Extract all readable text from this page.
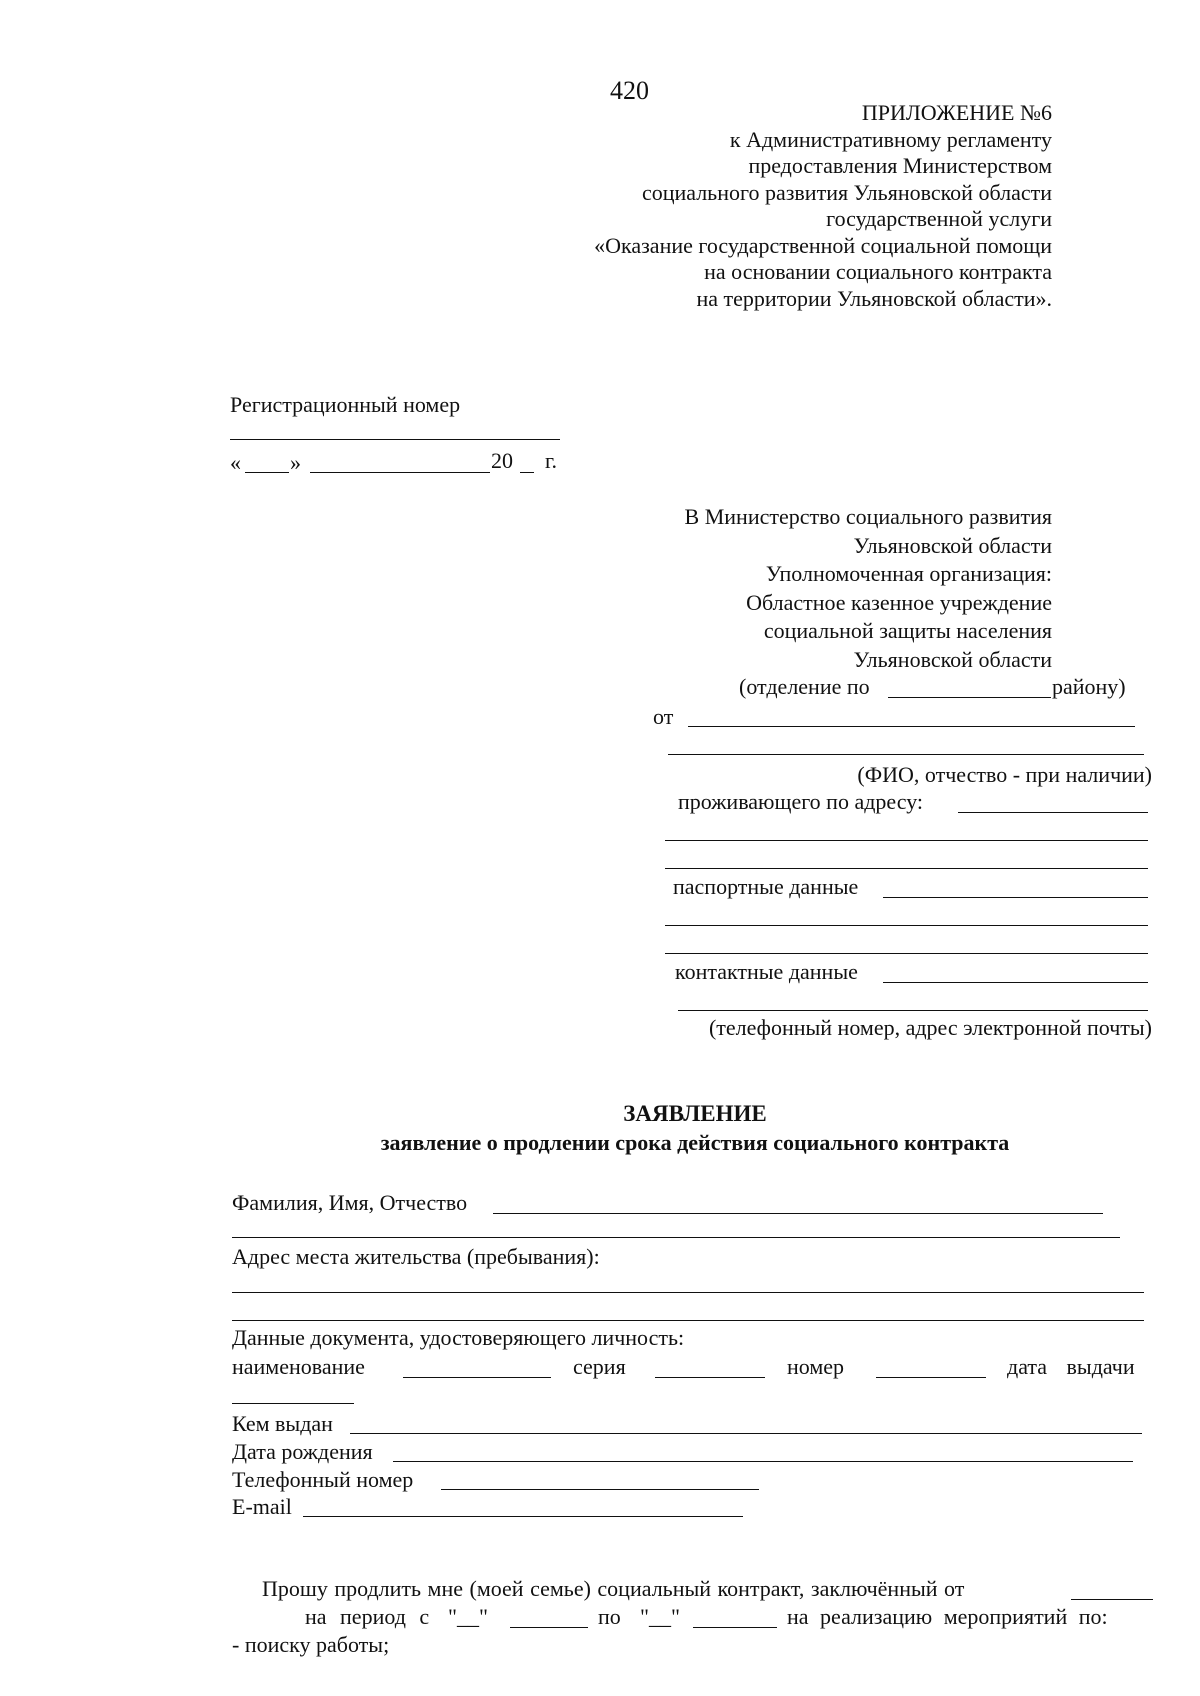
420
ПРИЛОЖЕНИЕ №6
к Административному регламенту
предоставления Министерством
социального развития Ульяновской области
государственной услуги
«Оказание государственной социальной помощи
на основании социального контракта
на территории Ульяновской области».
Регистрационный номер
« »	20 г.
В Министерство социального развития
Ульяновской области
Уполномоченная организация:
Областное казенное учреждение
социальной защиты населения
Ульяновской области
(отделение по	району)
от
(ФИО, отчество - при наличии)
проживающего по адресу:
паспортные данные
контактные данные
(телефонный номер, адрес электронной почты)
ЗАЯВЛЕНИЕ
заявление о продлении срока действия социального контракта
Фамилия, Имя, Отчество
Адрес места жительства (пребывания):
Данные документа, удостоверяющего личность:
наименование	серия	номер	дата выдачи
Кем выдан
Дата рождения
Телефонный номер
E-mail
Прошу продлить мне (моей семье) социальный контракт, заключённый от
на период с "__"	по "__"	на реализацию мероприятий по:
- поиску работы;
